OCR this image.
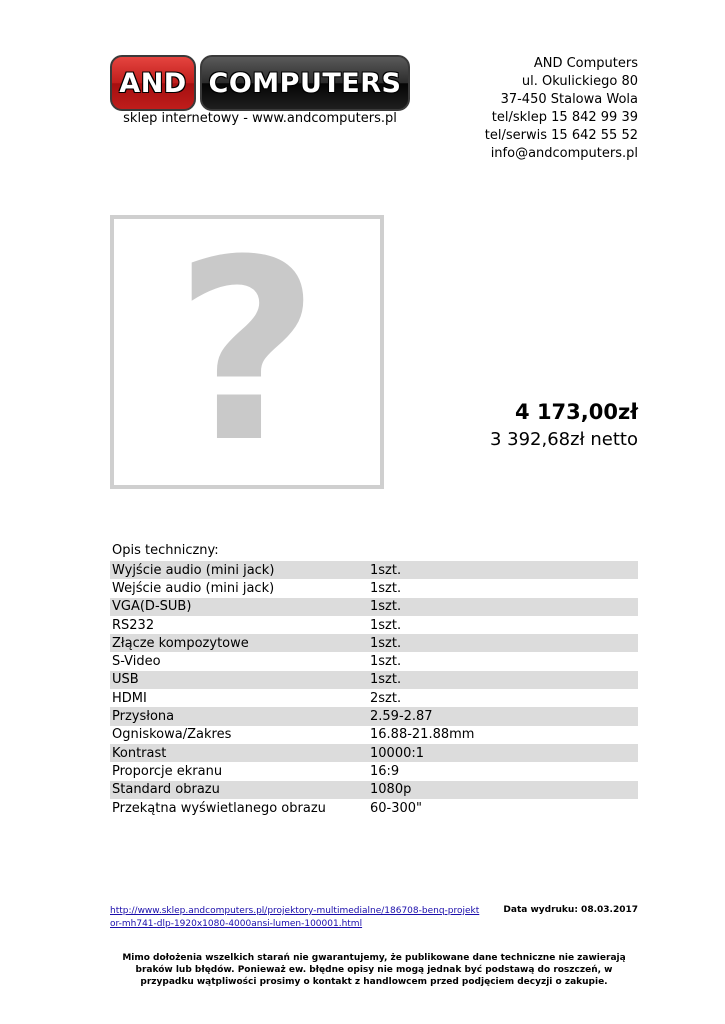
AND COMPUTERS
sklep internetowy - www.andcomputers.pl
AND Computers
ul. Okulickiego 80
37-450 Stalowa Wola
tel/sklep 15 842 99 39
tel/serwis 15 642 55 52
info@andcomputers.pl
?	4 173,00zł
3 392,68zł netto
Opis techniczny:
Wyjście audio (mini jack)	1szt.
Wejście audio (mini jack)	1szt.
VGA(D-SUB)	1szt.
RS232	1szt.
Złącze kompozytowe	1szt.
S-Video	1szt.
USB	1szt.
HDMI	2szt.
Przysłona	2.59-2.87
Ogniskowa/Zakres	16.88-21.88mm
Kontrast	10000:1
Proporcje ekranu	16:9
Standard obrazu	1080p
Przekątna wyświetlanego obrazu	60-300"
http://www.sklep.andcomputers.pl/projektory-multimedialne/186708-benq-projektor-mh741-dlp-1920x1080-4000ansi-lumen-100001.html
Data wydruku: 08.03.2017
Mimo dołożenia wszelkich starań nie gwarantujemy, że publikowane dane techniczne nie zawierają braków lub błędów. Ponieważ ew. błędne opisy nie mogą jednak być podstawą do roszczeń, w przypadku wątpliwości prosimy o kontakt z handlowcem przed podjęciem decyzji o zakupie.
